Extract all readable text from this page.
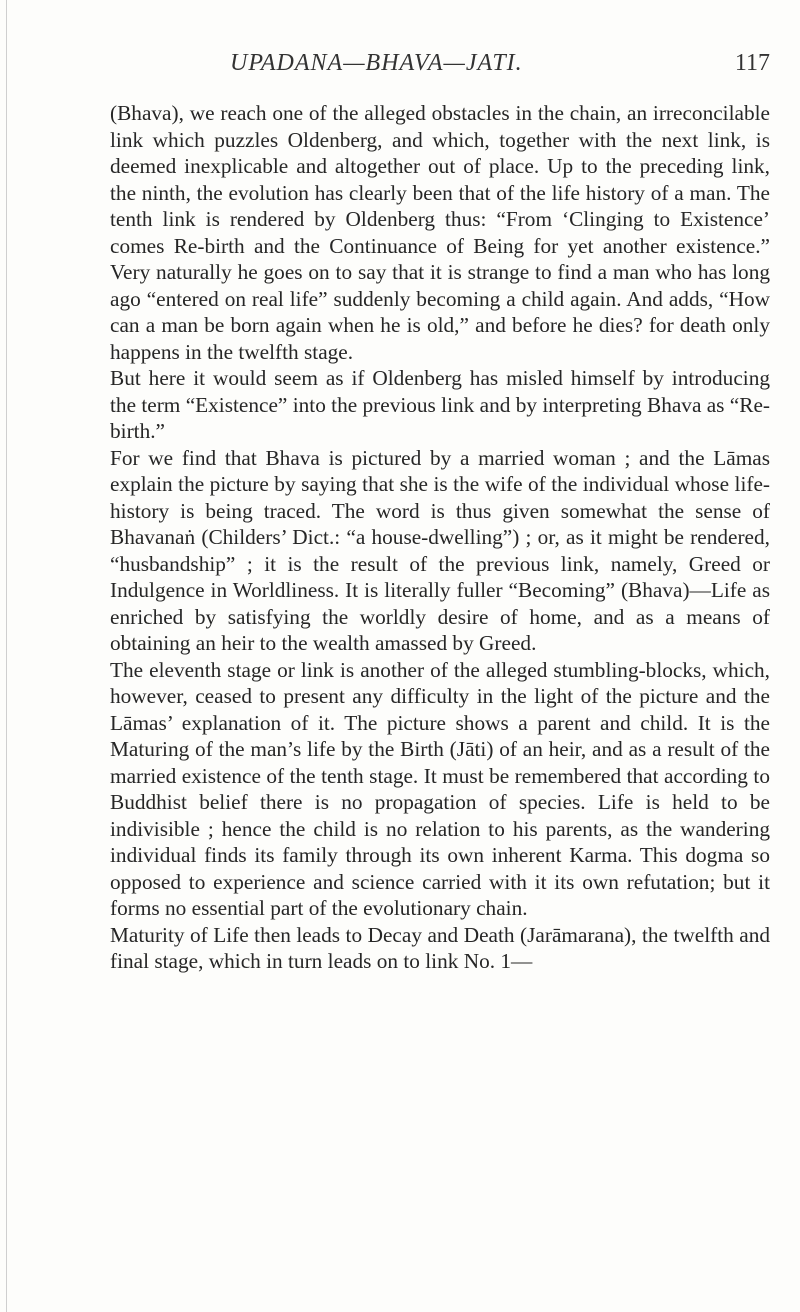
UPADANA—BHAVA—JATI.	117

(Bhava), we reach one of the alleged obstacles in the chain, an irreconcilable link which puzzles Oldenberg, and which, together with the next link, is deemed inexplicable and altogether out of place. Up to the preceding link, the ninth, the evolution has clearly been that of the life history of a man. The tenth link is rendered by Oldenberg thus: “From ‘Clinging to Existence’ comes Re-birth and the Continuance of Being for yet another existence.” Very naturally he goes on to say that it is strange to find a man who has long ago “entered on real life” suddenly becoming a child again. And adds, “How can a man be born again when he is old,” and before he dies? for death only happens in the twelfth stage.

But here it would seem as if Oldenberg has misled himself by introducing the term “Existence” into the previous link and by interpreting Bhava as “Re-birth.”

For we find that Bhava is pictured by a married woman ; and the Lāmas explain the picture by saying that she is the wife of the individual whose life-history is being traced. The word is thus given somewhat the sense of Bhavanaṅ (Childers’ Dict.: “a house-dwelling”) ; or, as it might be rendered, “husbandship” ; it is the result of the previous link, namely, Greed or Indulgence in Worldliness. It is literally fuller “Becoming” (Bhava)—Life as enriched by satisfying the worldly desire of home, and as a means of obtaining an heir to the wealth amassed by Greed.

The eleventh stage or link is another of the alleged stumbling-blocks, which, however, ceased to present any difficulty in the light of the picture and the Lāmas’ explanation of it. The picture shows a parent and child. It is the Maturing of the man’s life by the Birth (Jāti) of an heir, and as a result of the married existence of the tenth stage. It must be remembered that according to Buddhist belief there is no propagation of species. Life is held to be indivisible ; hence the child is no relation to his parents, as the wandering individual finds its family through its own inherent Karma. This dogma so opposed to experience and science carried with it its own refutation; but it forms no essential part of the evolutionary chain.

Maturity of Life then leads to Decay and Death (Jarāmarana), the twelfth and final stage, which in turn leads on to link No. 1—
